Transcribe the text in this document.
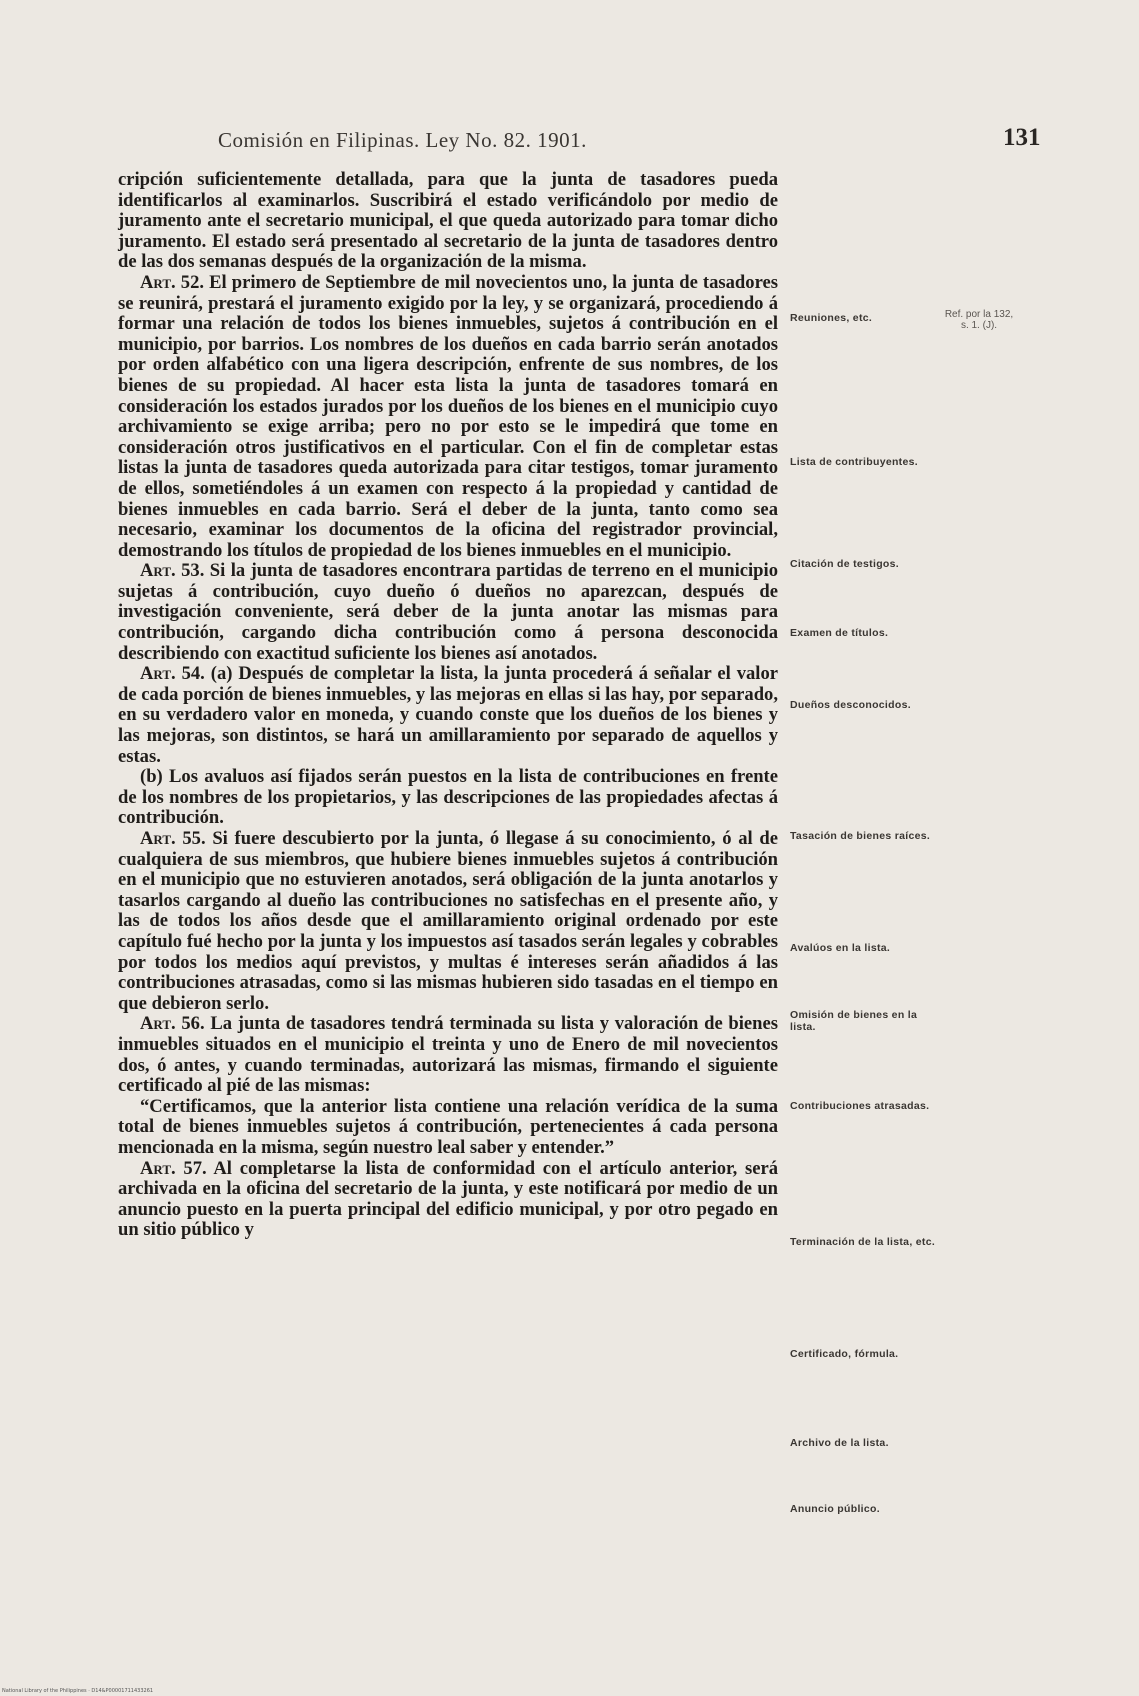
Comisión en Filipinas. Ley No. 82. 1901.	131

cripción suficientemente detallada, para que la junta de tasadores pueda identificarlos al examinarlos. Suscribirá el estado verificándolo por medio de juramento ante el secretario municipal, el que queda autorizado para tomar dicho juramento. El estado será presentado al secretario de la junta de tasadores dentro de las dos semanas después de la organización de la misma.

Art. 52. El primero de Septiembre de mil novecientos uno, la junta de tasadores se reunirá, prestará el juramento exigido por la ley, y se organizará, procediendo á formar una relación de todos los bienes inmuebles, sujetos á contribución en el municipio, por barrios. Los nombres de los dueños en cada barrio serán anotados por orden alfabético con una ligera descripción, enfrente de sus nombres, de los bienes de su propiedad. Al hacer esta lista la junta de tasadores tomará en consideración los estados jurados por los dueños de los bienes en el municipio cuyo archivamiento se exige arriba; pero no por esto se le impedirá que tome en consideración otros justificativos en el particular. Con el fin de completar estas listas la junta de tasadores queda autorizada para citar testigos, tomar juramento de ellos, sometiéndoles á un examen con respecto á la propiedad y cantidad de bienes inmuebles en cada barrio. Será el deber de la junta, tanto como sea necesario, examinar los documentos de la oficina del registrador provincial, demostrando los títulos de propiedad de los bienes inmuebles en el municipio.

Art. 53. Si la junta de tasadores encontrara partidas de terreno en el municipio sujetas á contribución, cuyo dueño ó dueños no aparezcan, después de investigación conveniente, será deber de la junta anotar las mismas para contribución, cargando dicha contribución como á persona desconocida describiendo con exactitud suficiente los bienes así anotados.

Art. 54. (a) Después de completar la lista, la junta procederá á señalar el valor de cada porción de bienes inmuebles, y las mejoras en ellas si las hay, por separado, en su verdadero valor en moneda, y cuando conste que los dueños de los bienes y las mejoras, son distintos, se hará un amillaramiento por separado de aquellos y estas.

(b) Los avaluos así fijados serán puestos en la lista de contribuciones en frente de los nombres de los propietarios, y las descripciones de las propiedades afectas á contribución.

Art. 55. Si fuere descubierto por la junta, ó llegase á su conocimiento, ó al de cualquiera de sus miembros, que hubiere bienes inmuebles sujetos á contribución en el municipio que no estuvieren anotados, será obligación de la junta anotarlos y tasarlos cargando al dueño las contribuciones no satisfechas en el presente año, y las de todos los años desde que el amillaramiento original ordenado por este capítulo fué hecho por la junta y los impuestos así tasados serán legales y cobrables por todos los medios aquí previstos, y multas é intereses serán añadidos á las contribuciones atrasadas, como si las mismas hubieren sido tasadas en el tiempo en que debieron serlo.

Art. 56. La junta de tasadores tendrá terminada su lista y valoración de bienes inmuebles situados en el municipio el treinta y uno de Enero de mil novecientos dos, ó antes, y cuando terminadas, autorizará las mismas, firmando el siguiente certificado al pié de las mismas:

“Certificamos, que la anterior lista contiene una relación verídica de la suma total de bienes inmuebles sujetos á contribución, pertenecientes á cada persona mencionada en la misma, según nuestro leal saber y entender.”

Art. 57. Al completarse la lista de conformidad con el artículo anterior, será archivada en la oficina del secretario de la junta, y este notificará por medio de un anuncio puesto en la puerta principal del edificio municipal, y por otro pegado en un sitio público y

Reuniones, etc.
Lista de contribuyentes.
Citación de testigos.
Examen de títulos.
Dueños desconocidos.
Tasación de bienes raíces.
Avalúos en la lista.
Omisión de bienes en la lista.
Contribuciones atrasadas.
Terminación de la lista, etc.
Certificado, fórmula.
Archivo de la lista.
Anuncio público.
Ref. por la 132, s. 1. (J).
National Library of the Philippines · D14&P00001711433261
